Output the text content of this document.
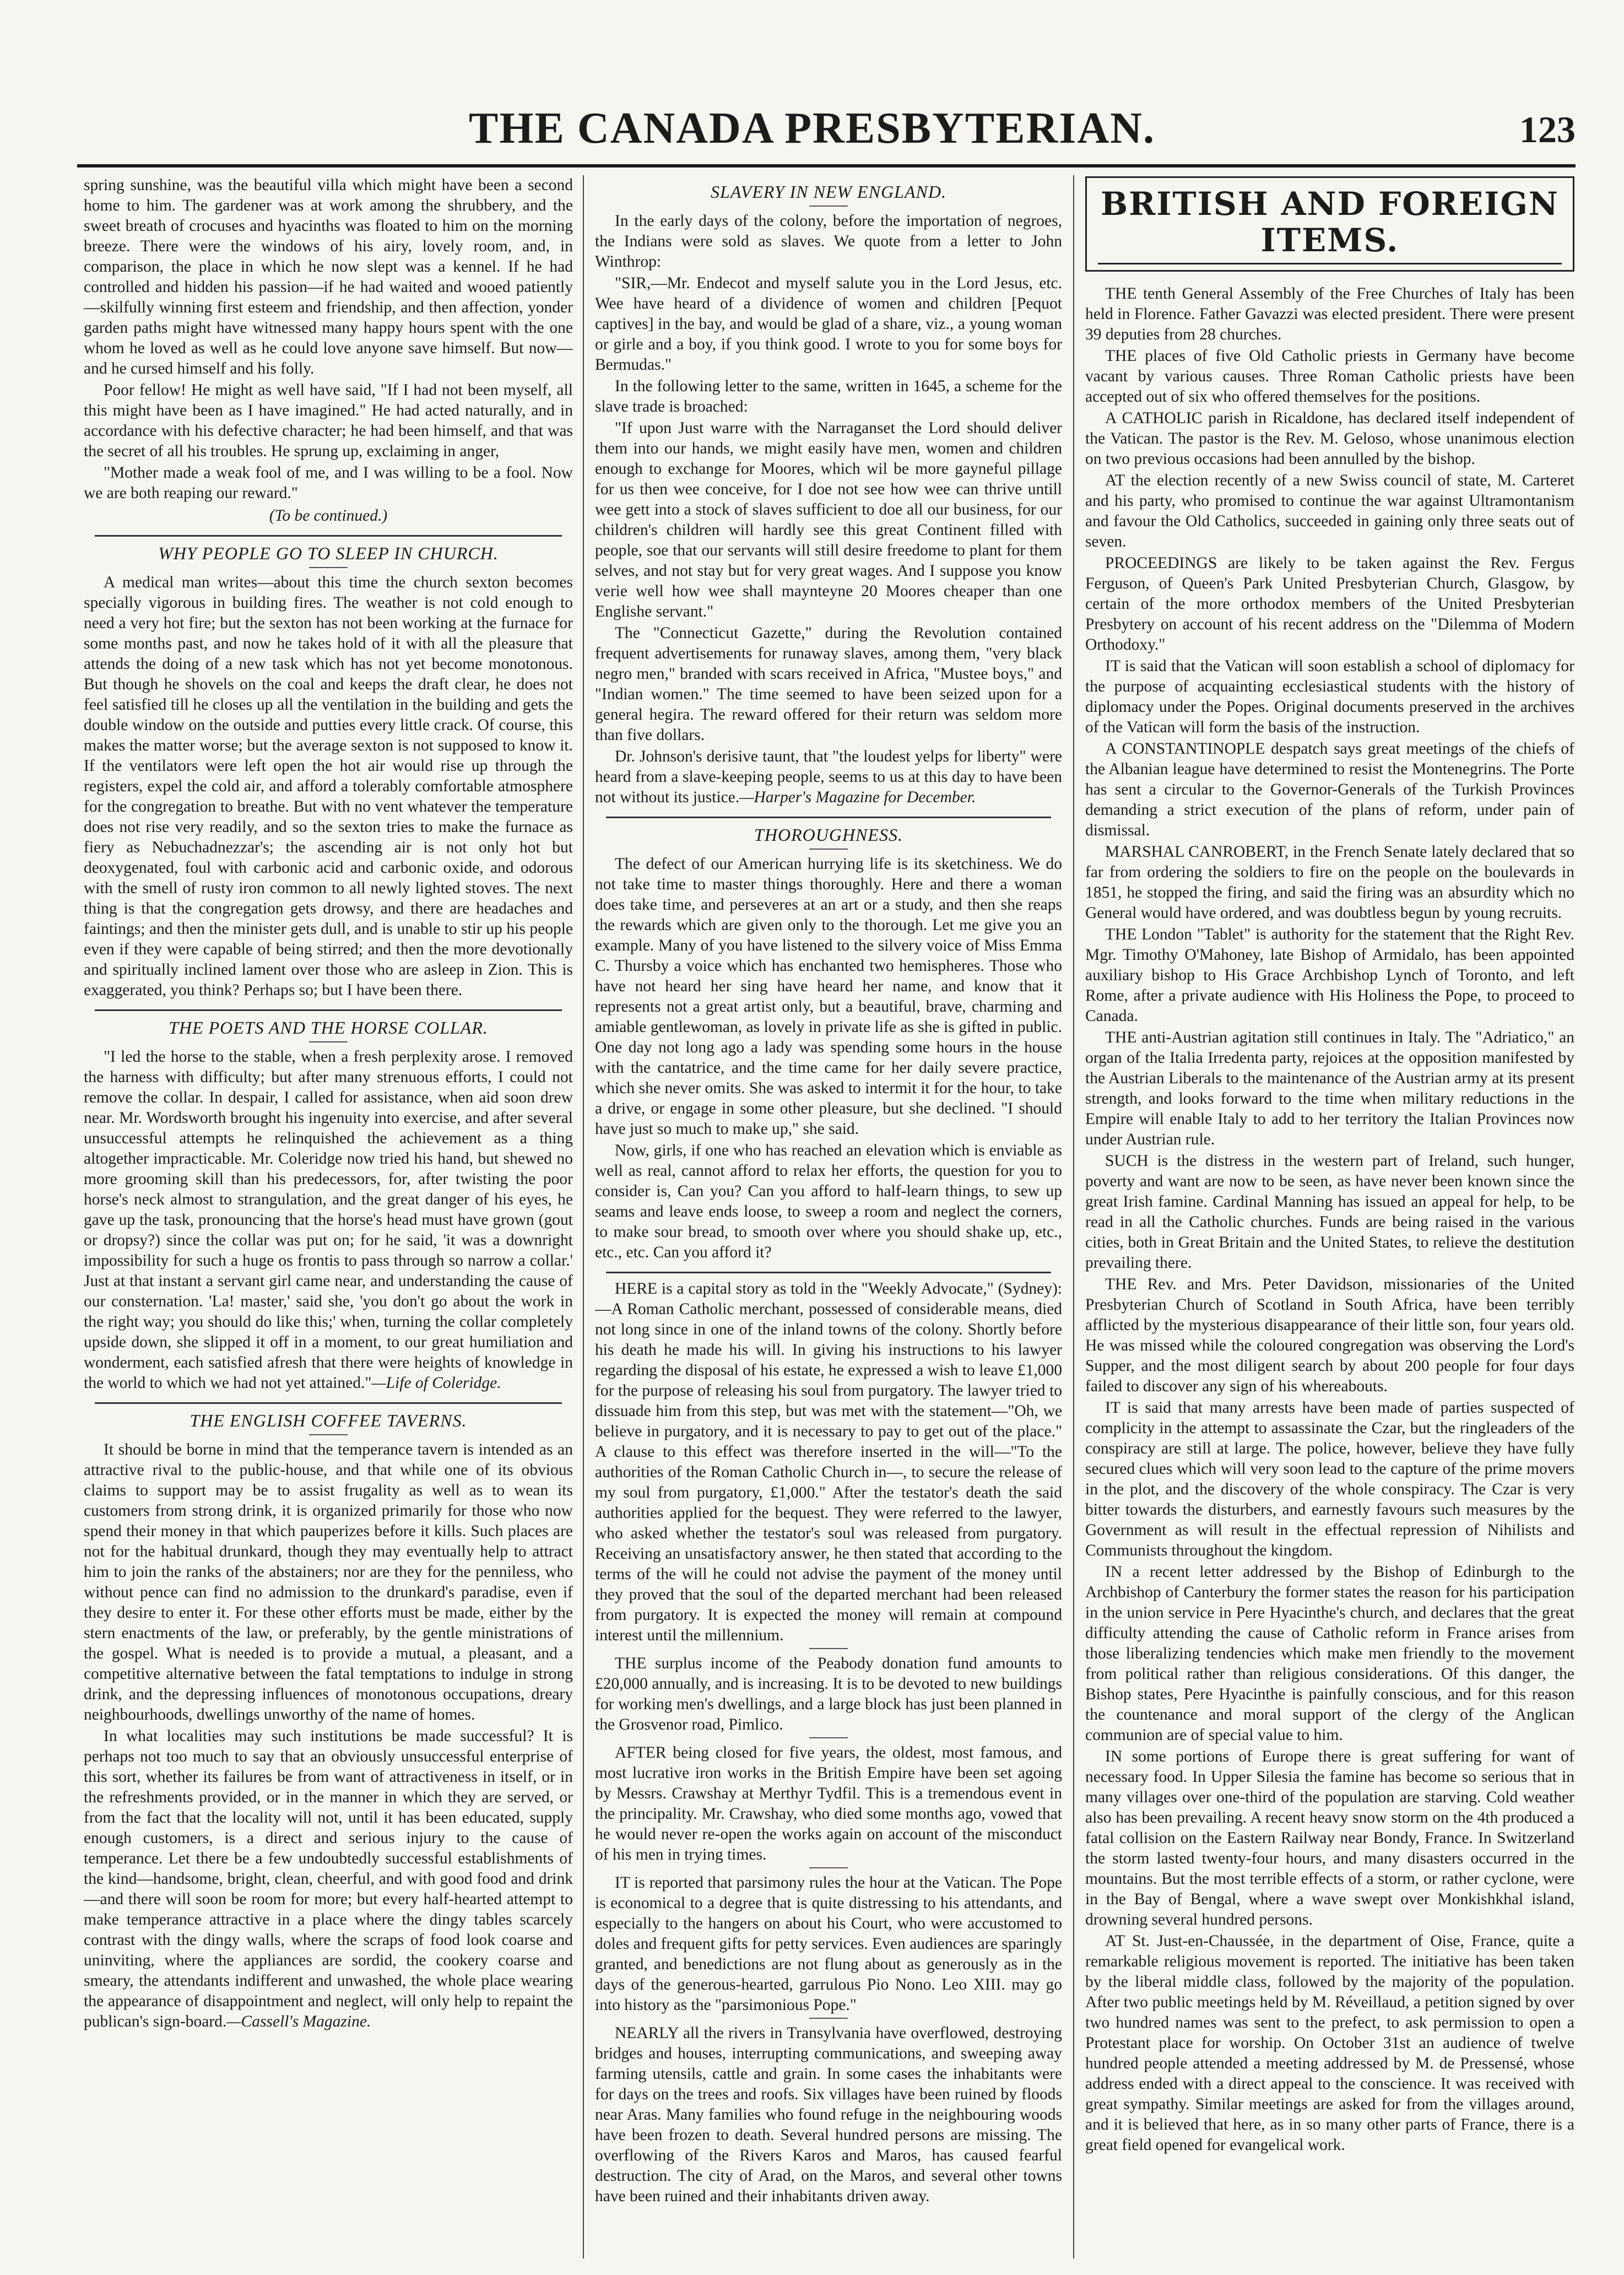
THE CANADA PRESBYTERIAN.	123

spring sunshine, was the beautiful villa which might have been a second home to him. The gardener was at work among the shrubbery, and the sweet breath of crocuses and hyacinths was floated to him on the morning breeze. There were the windows of his airy, lovely room, and, in comparison, the place in which he now slept was a kennel. If he had controlled and hidden his passion—if he had waited and wooed patiently—skilfully winning first esteem and friendship, and then affection, yonder garden paths might have witnessed many happy hours spent with the one whom he loved as well as he could love anyone save himself. But now—and he cursed himself and his folly.

Poor fellow! He might as well have said, "If I had not been myself, all this might have been as I have imagined." He had acted naturally, and in accordance with his defective character; he had been himself, and that was the secret of all his troubles. He sprung up, exclaiming in anger,

"Mother made a weak fool of me, and I was willing to be a fool. Now we are both reaping our reward."

(To be continued.)
WHY PEOPLE GO TO SLEEP IN CHURCH.

A medical man writes—about this time the church sexton becomes specially vigorous in building fires. The weather is not cold enough to need a very hot fire; but the sexton has not been working at the furnace for some months past, and now he takes hold of it with all the pleasure that attends the doing of a new task which has not yet become monotonous. But though he shovels on the coal and keeps the draft clear, he does not feel satisfied till he closes up all the ventilation in the building and gets the double window on the outside and putties every little crack. Of course, this makes the matter worse; but the average sexton is not supposed to know it. If the ventilators were left open the hot air would rise up through the registers, expel the cold air, and afford a tolerably comfortable atmosphere for the congregation to breathe. But with no vent whatever the temperature does not rise very readily, and so the sexton tries to make the furnace as fiery as Nebuchadnezzar's; the ascending air is not only hot but deoxygenated, foul with carbonic acid and carbonic oxide, and odorous with the smell of rusty iron common to all newly lighted stoves. The next thing is that the congregation gets drowsy, and there are headaches and faintings; and then the minister gets dull, and is unable to stir up his people even if they were capable of being stirred; and then the more devotionally and spiritually inclined lament over those who are asleep in Zion. This is exaggerated, you think? Perhaps so; but I have been there.

THE POETS AND THE HORSE COLLAR.

"I led the horse to the stable, when a fresh perplexity arose. I removed the harness with difficulty; but after many strenuous efforts, I could not remove the collar. In despair, I called for assistance, when aid soon drew near. Mr. Wordsworth brought his ingenuity into exercise, and after several unsuccessful attempts he relinquished the achievement as a thing altogether impracticable. Mr. Coleridge now tried his hand, but shewed no more grooming skill than his predecessors, for, after twisting the poor horse's neck almost to strangulation, and the great danger of his eyes, he gave up the task, pronouncing that the horse's head must have grown (gout or dropsy?) since the collar was put on; for he said, 'it was a downright impossibility for such a huge os frontis to pass through so narrow a collar.' Just at that instant a servant girl came near, and understanding the cause of our consternation. 'La! master,' said she, 'you don't go about the work in the right way; you should do like this;' when, turning the collar completely upside down, she slipped it off in a moment, to our great humiliation and wonderment, each satisfied afresh that there were heights of knowledge in the world to which we had not yet attained."—Life of Coleridge.

THE ENGLISH COFFEE TAVERNS.

It should be borne in mind that the temperance tavern is intended as an attractive rival to the public-house, and that while one of its obvious claims to support may be to assist frugality as well as to wean its customers from strong drink, it is organized primarily for those who now spend their money in that which pauperizes before it kills. Such places are not for the habitual drunkard, though they may eventually help to attract him to join the ranks of the abstainers; nor are they for the penniless, who without pence can find no admission to the drunkard's paradise, even if they desire to enter it. For these other efforts must be made, either by the stern enactments of the law, or preferably, by the gentle ministrations of the gospel. What is needed is to provide a mutual, a pleasant, and a competitive alternative between the fatal temptations to indulge in strong drink, and the depressing influences of monotonous occupations, dreary neighbourhoods, dwellings unworthy of the name of homes.

In what localities may such institutions be made successful? It is perhaps not too much to say that an obviously unsuccessful enterprise of this sort, whether its failures be from want of attractiveness in itself, or in the refreshments provided, or in the manner in which they are served, or from the fact that the locality will not, until it has been educated, supply enough customers, is a direct and serious injury to the cause of temperance. Let there be a few undoubtedly successful establishments of the kind—handsome, bright, clean, cheerful, and with good food and drink—and there will soon be room for more; but every half-hearted attempt to make temperance attractive in a place where the dingy tables scarcely contrast with the dingy walls, where the scraps of food look coarse and uninviting, where the appliances are sordid, the cookery coarse and smeary, the attendants indifferent and unwashed, the whole place wearing the appearance of disappointment and neglect, will only help to repaint the publican's sign-board.—Cassell's Magazine.

SLAVERY IN NEW ENGLAND.

In the early days of the colony, before the importation of negroes, the Indians were sold as slaves. We quote from a letter to John Winthrop:

"SIR,—Mr. Endecot and myself salute you in the Lord Jesus, etc. Wee have heard of a dividence of women and children [Pequot captives] in the bay, and would be glad of a share, viz., a young woman or girle and a boy, if you think good. I wrote to you for some boys for Bermudas."

In the following letter to the same, written in 1645, a scheme for the slave trade is broached:

"If upon Just warre with the Narraganset the Lord should deliver them into our hands, we might easily have men, women and children enough to exchange for Moores, which wil be more gayneful pillage for us then wee conceive, for I doe not see how wee can thrive untill wee gett into a stock of slaves sufficient to doe all our business, for our children's children will hardly see this great Continent filled with people, soe that our servants will still desire freedome to plant for them selves, and not stay but for very great wages. And I suppose you know verie well how wee shall maynteyne 20 Moores cheaper than one Englishe servant."

The "Connecticut Gazette," during the Revolution contained frequent advertisements for runaway slaves, among them, "very black negro men," branded with scars received in Africa, "Mustee boys," and "Indian women." The time seemed to have been seized upon for a general hegira. The reward offered for their return was seldom more than five dollars.

Dr. Johnson's derisive taunt, that "the loudest yelps for liberty" were heard from a slave-keeping people, seems to us at this day to have been not without its justice.—Harper's Magazine for December.

THOROUGHNESS.

The defect of our American hurrying life is its sketchiness. We do not take time to master things thoroughly. Here and there a woman does take time, and perseveres at an art or a study, and then she reaps the rewards which are given only to the thorough. Let me give you an example. Many of you have listened to the silvery voice of Miss Emma C. Thursby a voice which has enchanted two hemispheres. Those who have not heard her sing have heard her name, and know that it represents not a great artist only, but a beautiful, brave, charming and amiable gentlewoman, as lovely in private life as she is gifted in public. One day not long ago a lady was spending some hours in the house with the cantatrice, and the time came for her daily severe practice, which she never omits. She was asked to intermit it for the hour, to take a drive, or engage in some other pleasure, but she declined. "I should have just so much to make up," she said.

Now, girls, if one who has reached an elevation which is enviable as well as real, cannot afford to relax her efforts, the question for you to consider is, Can you? Can you afford to half-learn things, to sew up seams and leave ends loose, to sweep a room and neglect the corners, to make sour bread, to smooth over where you should shake up, etc., etc., etc. Can you afford it?

HERE is a capital story as told in the "Weekly Advocate," (Sydney):—A Roman Catholic merchant, possessed of considerable means, died not long since in one of the inland towns of the colony. Shortly before his death he made his will. In giving his instructions to his lawyer regarding the disposal of his estate, he expressed a wish to leave £1,000 for the purpose of releasing his soul from purgatory. The lawyer tried to dissuade him from this step, but was met with the statement—"Oh, we believe in purgatory, and it is necessary to pay to get out of the place." A clause to this effect was therefore inserted in the will—"To the authorities of the Roman Catholic Church in—, to secure the release of my soul from purgatory, £1,000." After the testator's death the said authorities applied for the bequest. They were referred to the lawyer, who asked whether the testator's soul was released from purgatory. Receiving an unsatisfactory answer, he then stated that according to the terms of the will he could not advise the payment of the money until they proved that the soul of the departed merchant had been released from purgatory. It is expected the money will remain at compound interest until the millennium.

THE surplus income of the Peabody donation fund amounts to £20,000 annually, and is increasing. It is to be devoted to new buildings for working men's dwellings, and a large block has just been planned in the Grosvenor road, Pimlico.

AFTER being closed for five years, the oldest, most famous, and most lucrative iron works in the British Empire have been set agoing by Messrs. Crawshay at Merthyr Tydfil. This is a tremendous event in the principality. Mr. Crawshay, who died some months ago, vowed that he would never re-open the works again on account of the misconduct of his men in trying times.

IT is reported that parsimony rules the hour at the Vatican. The Pope is economical to a degree that is quite distressing to his attendants, and especially to the hangers on about his Court, who were accustomed to doles and frequent gifts for petty services. Even audiences are sparingly granted, and benedictions are not flung about as generously as in the days of the generous-hearted, garrulous Pio Nono. Leo XIII. may go into history as the "parsimonious Pope."

NEARLY all the rivers in Transylvania have overflowed, destroying bridges and houses, interrupting communications, and sweeping away farming utensils, cattle and grain. In some cases the inhabitants were for days on the trees and roofs. Six villages have been ruined by floods near Aras. Many families who found refuge in the neighbouring woods have been frozen to death. Several hundred persons are missing. The overflowing of the Rivers Karos and Maros, has caused fearful destruction. The city of Arad, on the Maros, and several other towns have been ruined and their inhabitants driven away.

BRITISH AND FOREIGN ITEMS.

THE tenth General Assembly of the Free Churches of Italy has been held in Florence. Father Gavazzi was elected president. There were present 39 deputies from 28 churches.

THE places of five Old Catholic priests in Germany have become vacant by various causes. Three Roman Catholic priests have been accepted out of six who offered themselves for the positions.

A CATHOLIC parish in Ricaldone, has declared itself independent of the Vatican. The pastor is the Rev. M. Geloso, whose unanimous election on two previous occasions had been annulled by the bishop.

AT the election recently of a new Swiss council of state, M. Carteret and his party, who promised to continue the war against Ultramontanism and favour the Old Catholics, succeeded in gaining only three seats out of seven.

PROCEEDINGS are likely to be taken against the Rev. Fergus Ferguson, of Queen's Park United Presbyterian Church, Glasgow, by certain of the more orthodox members of the United Presbyterian Presbytery on account of his recent address on the "Dilemma of Modern Orthodoxy."

IT is said that the Vatican will soon establish a school of diplomacy for the purpose of acquainting ecclesiastical students with the history of diplomacy under the Popes. Original documents preserved in the archives of the Vatican will form the basis of the instruction.

A CONSTANTINOPLE despatch says great meetings of the chiefs of the Albanian league have determined to resist the Montenegrins. The Porte has sent a circular to the Governor-Generals of the Turkish Provinces demanding a strict execution of the plans of reform, under pain of dismissal.

MARSHAL CANROBERT, in the French Senate lately declared that so far from ordering the soldiers to fire on the people on the boulevards in 1851, he stopped the firing, and said the firing was an absurdity which no General would have ordered, and was doubtless begun by young recruits.

THE London "Tablet" is authority for the statement that the Right Rev. Mgr. Timothy O'Mahoney, late Bishop of Armidalo, has been appointed auxiliary bishop to His Grace Archbishop Lynch of Toronto, and left Rome, after a private audience with His Holiness the Pope, to proceed to Canada.

THE anti-Austrian agitation still continues in Italy. The "Adriatico," an organ of the Italia Irredenta party, rejoices at the opposition manifested by the Austrian Liberals to the maintenance of the Austrian army at its present strength, and looks forward to the time when military reductions in the Empire will enable Italy to add to her territory the Italian Provinces now under Austrian rule.

SUCH is the distress in the western part of Ireland, such hunger, poverty and want are now to be seen, as have never been known since the great Irish famine. Cardinal Manning has issued an appeal for help, to be read in all the Catholic churches. Funds are being raised in the various cities, both in Great Britain and the United States, to relieve the destitution prevailing there.

THE Rev. and Mrs. Peter Davidson, missionaries of the United Presbyterian Church of Scotland in South Africa, have been terribly afflicted by the mysterious disappearance of their little son, four years old. He was missed while the coloured congregation was observing the Lord's Supper, and the most diligent search by about 200 people for four days failed to discover any sign of his whereabouts.

IT is said that many arrests have been made of parties suspected of complicity in the attempt to assassinate the Czar, but the ringleaders of the conspiracy are still at large. The police, however, believe they have fully secured clues which will very soon lead to the capture of the prime movers in the plot, and the discovery of the whole conspiracy. The Czar is very bitter towards the disturbers, and earnestly favours such measures by the Government as will result in the effectual repression of Nihilists and Communists throughout the kingdom.

IN a recent letter addressed by the Bishop of Edinburgh to the Archbishop of Canterbury the former states the reason for his participation in the union service in Pere Hyacinthe's church, and declares that the great difficulty attending the cause of Catholic reform in France arises from those liberalizing tendencies which make men friendly to the movement from political rather than religious considerations. Of this danger, the Bishop states, Pere Hyacinthe is painfully conscious, and for this reason the countenance and moral support of the clergy of the Anglican communion are of special value to him.

IN some portions of Europe there is great suffering for want of necessary food. In Upper Silesia the famine has become so serious that in many villages over one-third of the population are starving. Cold weather also has been prevailing. A recent heavy snow storm on the 4th produced a fatal collision on the Eastern Railway near Bondy, France. In Switzerland the storm lasted twenty-four hours, and many disasters occurred in the mountains. But the most terrible effects of a storm, or rather cyclone, were in the Bay of Bengal, where a wave swept over Monkishkhal island, drowning several hundred persons.

AT St. Just-en-Chaussée, in the department of Oise, France, quite a remarkable religious movement is reported. The initiative has been taken by the liberal middle class, followed by the majority of the population. After two public meetings held by M. Réveillaud, a petition signed by over two hundred names was sent to the prefect, to ask permission to open a Protestant place for worship. On October 31st an audience of twelve hundred people attended a meeting addressed by M. de Pressensé, whose address ended with a direct appeal to the conscience. It was received with great sympathy. Similar meetings are asked for from the villages around, and it is believed that here, as in so many other parts of France, there is a great field opened for evangelical work.
